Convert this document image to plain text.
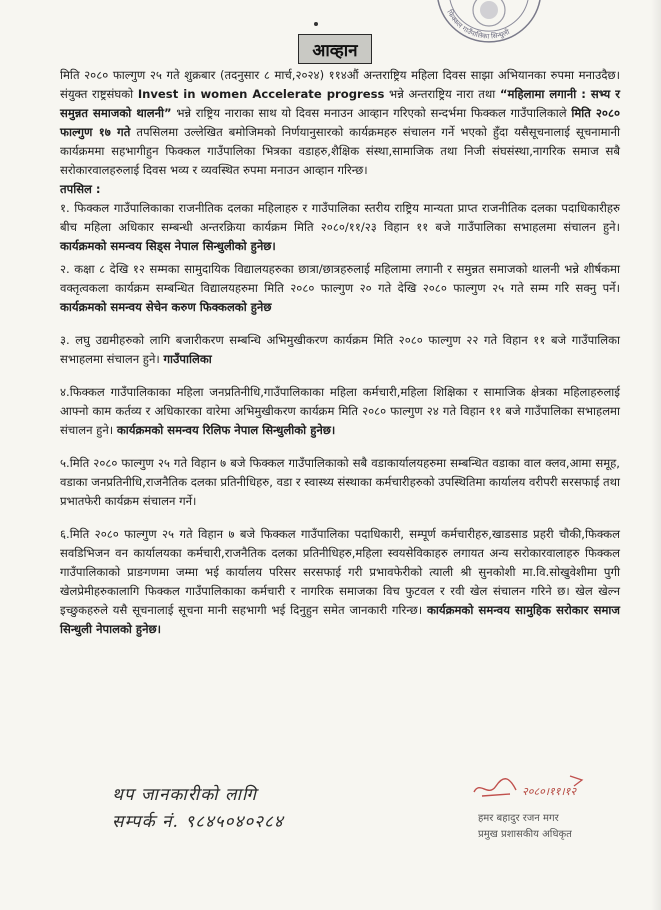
फिक्कल गाउँपालिका सिन्धुली
आव्हान

मिति २०८० फाल्गुण २५ गते शुक्रबार (तदनुसार ८ मार्च,२०२४) ११४औं अन्तराष्ट्रिय महिला दिवस साझा अभियानका रुपमा मनाउदैछ। संयुक्त राष्ट्रसंघको Invest in women Accelerate progress भन्ने अन्तराष्ट्रिय नारा तथा “महिलामा लगानी : सभ्य र समुन्नत समाजको थालनी” भन्ने राष्ट्रिय नाराका साथ यो दिवस मनाउन आव्हान गरिएको सन्दर्भमा फिक्कल गाउँपालिकाले मिति २०८० फाल्गुण १७ गते तपसिलमा उल्लेखित बमोजिमको निर्णयानुसारको कार्यक्रमहरु संचालन गर्ने भएको हुँदा यसैसूचनालाई सूचनामानी कार्यक्रममा सहभागीहुन फिक्कल गाउँपालिका भित्रका वडाहरु,शैक्षिक संस्था,सामाजिक तथा निजी संघसंस्था,नागरिक समाज सबै सरोकारवालहरुलाई दिवस भव्य र व्यवस्थित रुपमा मनाउन आव्हान गरिन्छ।

तपसिल :

१. फिक्कल गाउँपालिकाका राजनीतिक दलका महिलाहरु र गाउँपालिका स्तरीय राष्ट्रिय मान्यता प्राप्त राजनीतिक दलका पदाधिकारीहरु बीच महिला अधिकार सम्बन्धी अन्तरक्रिया कार्यक्रम मिति २०८०/११/२३ विहान ११ बजे गाउँपालिका सभाहलमा संचालन हुने। कार्यक्रमको समन्वय सिड्स नेपाल सिन्धुलीको हुनेछ।

२. कक्षा ८ देखि १२ सम्मका सामुदायिक विद्यालयहरुका छात्रा/छात्रहरुलाई महिलामा लगानी र समुन्नत समाजको थालनी भन्ने शीर्षकमा वक्तृत्वकला कार्यक्रम सम्बन्धित विद्यालयहरुमा मिति २०८० फाल्गुण २० गते देखि २०८० फाल्गुण २५ गते सम्म गरि सक्नु पर्ने। कार्यक्रमको समन्वय सेचेन करुण फिक्कलको हुनेछ

३. लघु उद्यमीहरुको लागि बजारीकरण सम्बन्धि अभिमुखीकरण कार्यक्रम मिति २०८० फाल्गुण २२ गते विहान ११ बजे गाउँपालिका सभाहलमा संचालन हुने। गाउँपालिका

४.फिक्कल गाउँपालिकाका महिला जनप्रतिनीधि,गाउँपालिकाका महिला कर्मचारी,महिला शिक्षिका र सामाजिक क्षेत्रका महिलाहरुलाई आफ्नो काम कर्तव्य र अधिकारका वारेमा अभिमुखीकरण कार्यक्रम मिति २०८० फाल्गुण २४ गते विहान ११ बजे गाउँपालिका सभाहलमा संचालन हुने। कार्यक्रमको समन्वय रिलिफ नेपाल सिन्धुलीको हुनेछ।

५.मिति २०८० फाल्गुण २५ गते विहान ७ बजे फिक्कल गाउँपालिकाको सबै वडाकार्यालयहरुमा सम्बन्धित वडाका वाल क्लव,आमा समूह, वडाका जनप्रतिनीधि,राजनैतिक दलका प्रतिनीधिहरु, वडा र स्वास्थ्य संस्थाका कर्मचारीहरुको उपस्थितिमा कार्यालय वरीपरी सरसफाई तथा प्रभातफेरी कार्यक्रम संचालन गर्ने।

६.मिति २०८० फाल्गुण २५ गते विहान ७ बजे फिक्कल गाउँपालिका पदाधिकारी, सम्पूर्ण कर्मचारीहरु,खाडसाड प्रहरी चौकी,फिक्कल सवडिभिजन वन कार्यालयका कर्मचारी,राजनैतिक दलका प्रतिनीधिहरु,महिला स्वयसेविकाहरु लगायत अन्य सरोकारवालाहरु फिक्कल गाउँपालिकाको प्राङगणमा जम्मा भई कार्यालय परिसर सरसफाई गरी प्रभावफेरीको त्याली श्री सुनकोशी मा.वि.सोखुवेशीमा पुगी खेलप्रेमीहरुकालागि फिक्कल गाउँपालिकाका कर्मचारी र नागरिक समाजका विच फुटवल र रवी खेल संचालन गरिने छ। खेल खेल्न इच्छुकहरुले यसै सूचनालाई सूचना मानी सहभागी भई दिनुहुन समेत जानकारी गरिन्छ। कार्यक्रमको समन्वय सामुहिक सरोकार समाज सिन्धुली नेपालको हुनेछ।

थप जानकारीको लागि
सम्पर्क नं. ९८४५०४०२८४
२०८०।११।१२
हमर बहादुर रजन मगर
प्रमुख प्रशासकीय अधिकृत
